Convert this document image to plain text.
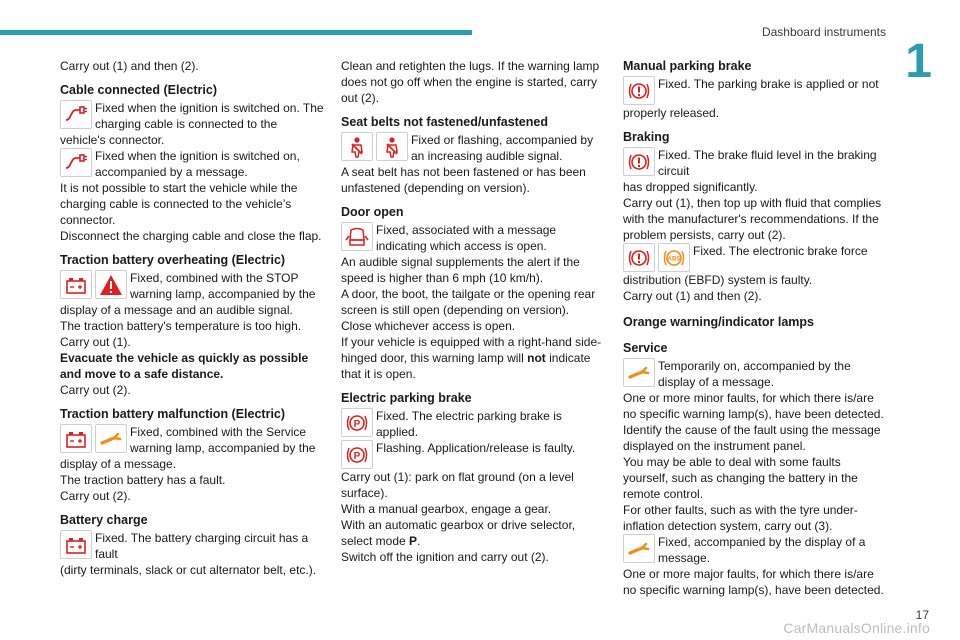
Dashboard instruments
1

Carry out (1) and then (2).

Cable connected (Electric)
Fixed when the ignition is switched on. The charging cable is connected to the

vehicle's connector.

Fixed when the ignition is switched on, accompanied by a message.

It is not possible to start the vehicle while the charging cable is connected to the vehicle’s connector.

Disconnect the charging cable and close the flap.

Traction battery overheating (Electric)
Fixed, combined with the STOP warning lamp, accompanied by the

display of a message and an audible signal.

The traction battery's temperature is too high.

Carry out (1).

Evacuate the vehicle as quickly as possible and move to a safe distance.

Carry out (2).

Traction battery malfunction (Electric)
Fixed, combined with the Service warning lamp, accompanied by the

display of a message.

The traction battery has a fault.

Carry out (2).

Battery charge
Fixed. The battery charging circuit has a fault

(dirty terminals, slack or cut alternator belt, etc.).

Clean and retighten the lugs. If the warning lamp does not go off when the engine is started, carry out (2).

Seat belts not fastened/unfastened
Fixed or flashing, accompanied by an increasing audible signal.

A seat belt has not been fastened or has been unfastened (depending on version).

Door open
Fixed, associated with a message indicating which access is open.

An audible signal supplements the alert if the speed is higher than 6 mph (10 km/h).

A door, the boot, the tailgate or the opening rear screen is still open (depending on version).

Close whichever access is open.

If your vehicle is equipped with a right-hand side-hinged door, this warning lamp will not indicate that it is open.

Electric parking brake
P
Fixed. The electric parking brake is applied.
P
Flashing. Application/release is faulty.

Carry out (1): park on flat ground (on a level surface).

With a manual gearbox, engage a gear.

With an automatic gearbox or drive selector, select mode P.

Switch off the ignition and carry out (2).

Manual parking brake
Fixed. The parking brake is applied or not

properly released.

Braking
Fixed. The brake fluid level in the braking circuit

has dropped significantly.

Carry out (1), then top up with fluid that complies with the manufacturer's recommendations. If the problem persists, carry out (2).

ABS
Fixed. The electronic brake force

distribution (EBFD) system is faulty.

Carry out (1) and then (2).

Orange warning/indicator lamps
Service
Temporarily on, accompanied by the display of a message.

One or more minor faults, for which there is/are no specific warning lamp(s), have been detected.

Identify the cause of the fault using the message displayed on the instrument panel.

You may be able to deal with some faults yourself, such as changing the battery in the remote control.

For other faults, such as with the tyre under-inflation detection system, carry out (3).

Fixed, accompanied by the display of a message.

One or more major faults, for which there is/are no specific warning lamp(s), have been detected.

17
CarManualsOnline.info
